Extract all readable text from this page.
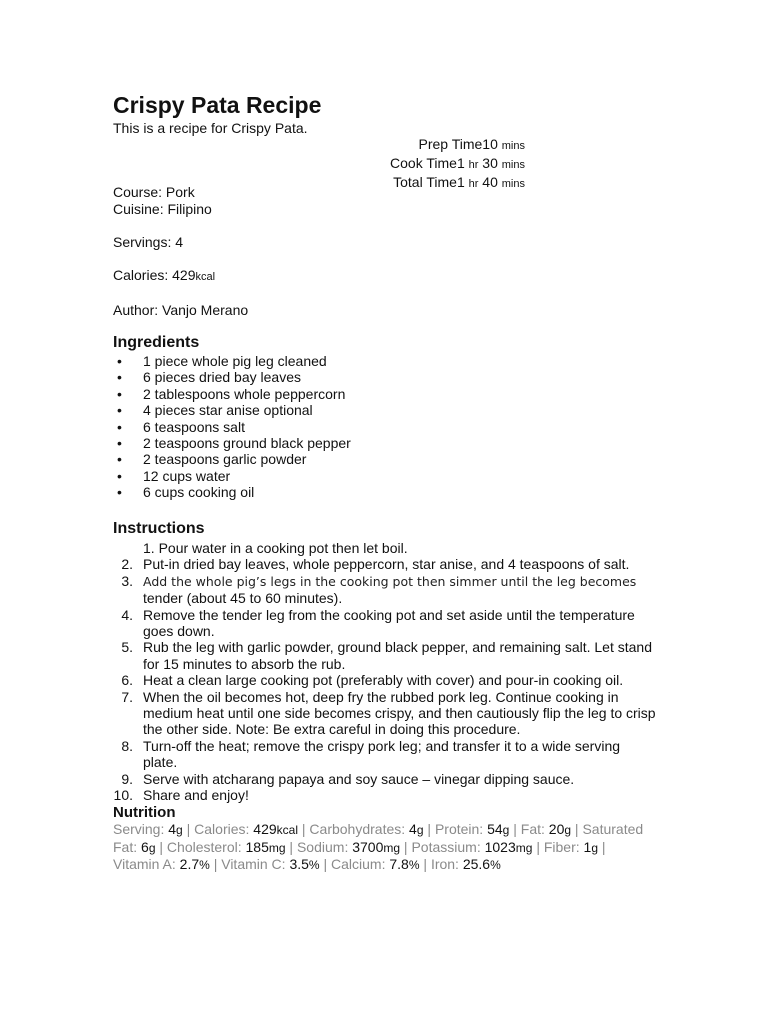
Crispy Pata Recipe
This is a recipe for Crispy Pata.
Prep Time10 mins
Cook Time1 hr 30 mins
Total Time1 hr 40 mins
Course: Pork
Cuisine: Filipino
Servings: 4
Calories: 429kcal
Author: Vanjo Merano
Ingredients
• 1 piece whole pig leg cleaned
• 6 pieces dried bay leaves
• 2 tablespoons whole peppercorn
• 4 pieces star anise optional
• 6 teaspoons salt
• 2 teaspoons ground black pepper
• 2 teaspoons garlic powder
• 12 cups water
• 6 cups cooking oil
Instructions
1. Pour water in a cooking pot then let boil.
2. Put-in dried bay leaves, whole peppercorn, star anise, and 4 teaspoons of salt.
3. Add the whole pig’s legs in the cooking pot then simmer until the leg becomes
tender (about 45 to 60 minutes).
4. Remove the tender leg from the cooking pot and set aside until the temperature goes down.
5. Rub the leg with garlic powder, ground black pepper, and remaining salt. Let stand for 15 minutes to absorb the rub.
6. Heat a clean large cooking pot (preferably with cover) and pour-in cooking oil.
7. When the oil becomes hot, deep fry the rubbed pork leg. Continue cooking in medium heat until one side becomes crispy, and then cautiously flip the leg to crisp the other side. Note: Be extra careful in doing this procedure.
8. Turn-off the heat; remove the crispy pork leg; and transfer it to a wide serving plate.
9. Serve with atcharang papaya and soy sauce – vinegar dipping sauce.
10. Share and enjoy!
Nutrition
Serving: 4g | Calories: 429kcal | Carbohydrates: 4g | Protein: 54g | Fat: 20g | Saturated Fat: 6g | Cholesterol: 185mg | Sodium: 3700mg | Potassium: 1023mg | Fiber: 1g | Vitamin A: 2.7% | Vitamin C: 3.5% | Calcium: 7.8% | Iron: 25.6%
